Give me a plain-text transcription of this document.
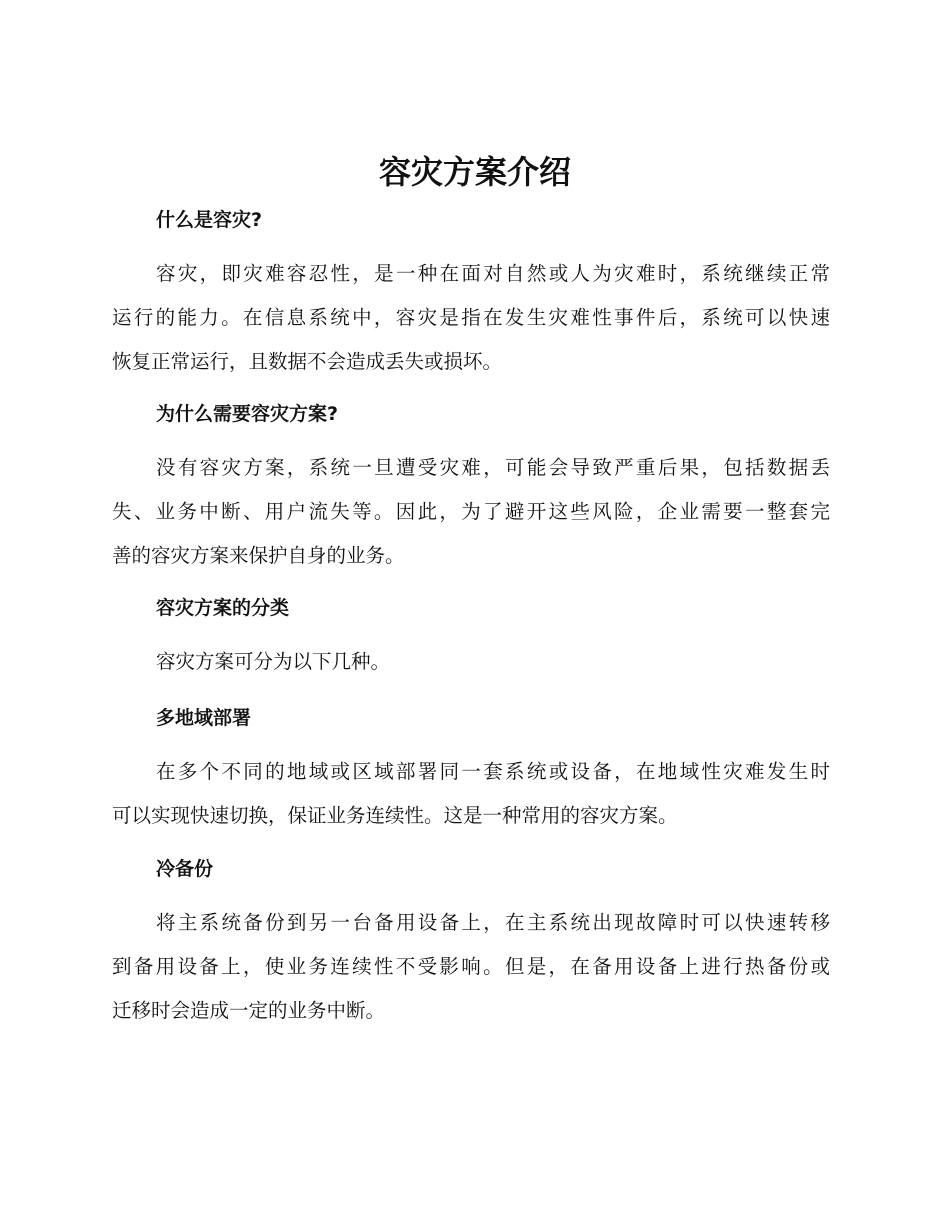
容灾方案介绍
什么是容灾?
容灾，即灾难容忍性，是一种在面对自然或人为灾难时，系统继续正常
运行的能力。在信息系统中，容灾是指在发生灾难性事件后，系统可以快速
恢复正常运行，且数据不会造成丢失或损坏。
为什么需要容灾方案?
没有容灾方案，系统一旦遭受灾难，可能会导致严重后果，包括数据丢
失、业务中断、用户流失等。因此，为了避开这些风险，企业需要一整套完
善的容灾方案来保护自身的业务。
容灾方案的分类
容灾方案可分为以下几种。
多地域部署
在多个不同的地域或区域部署同一套系统或设备，在地域性灾难发生时
可以实现快速切换，保证业务连续性。这是一种常用的容灾方案。
冷备份
将主系统备份到另一台备用设备上，在主系统出现故障时可以快速转移
到备用设备上，使业务连续性不受影响。但是，在备用设备上进行热备份或
迁移时会造成一定的业务中断。
